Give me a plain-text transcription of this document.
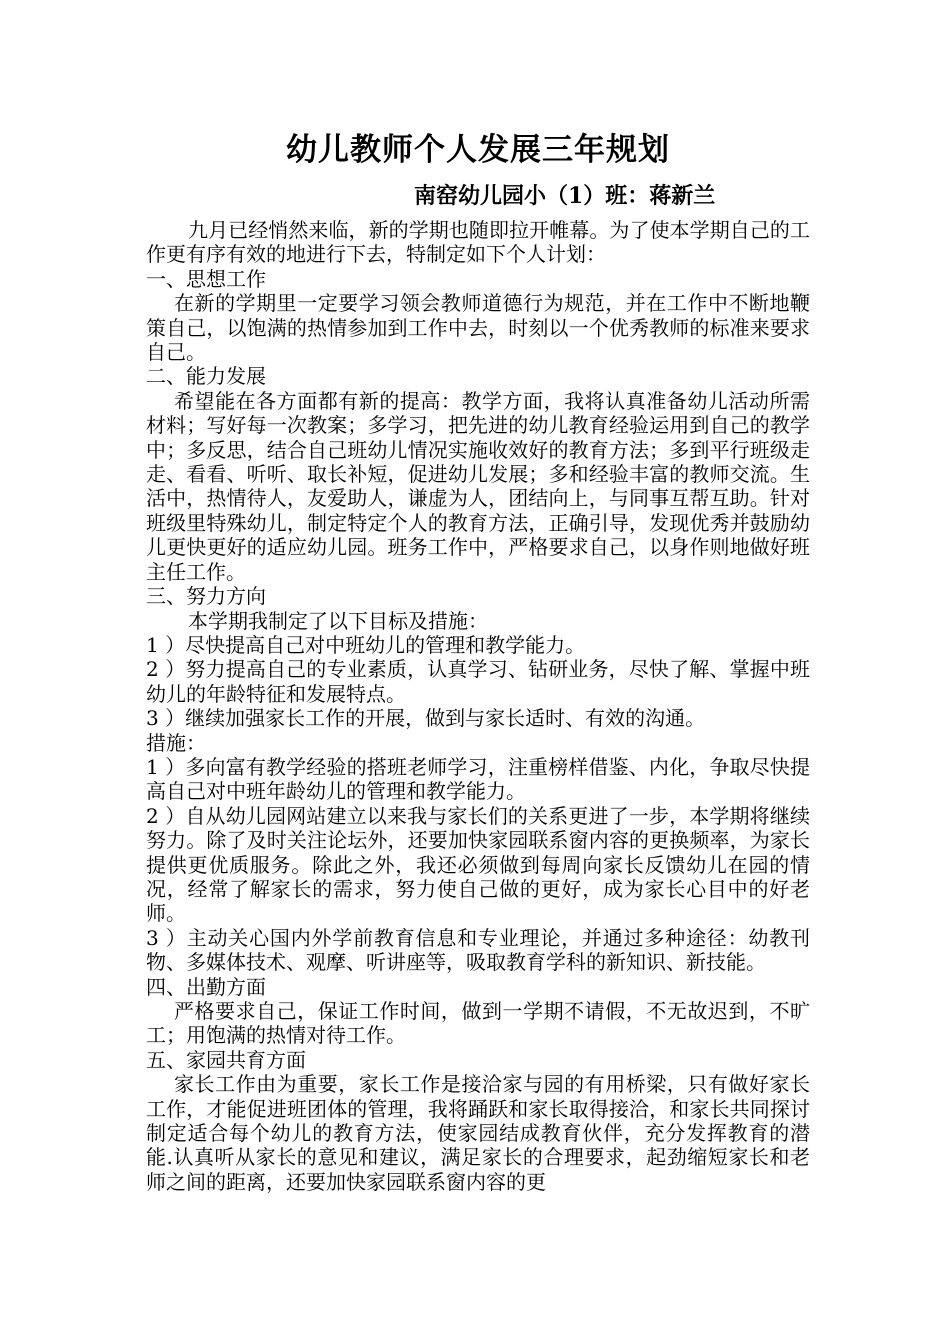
幼儿教师个人发展三年规划
南窑幼儿园小（1）班：蒋新兰

九月已经悄然来临，新的学期也随即拉开帷幕。为了使本学期自己的工作更有序有效的地进行下去，特制定如下个人计划：

一、思想工作

在新的学期里一定要学习领会教师道德行为规范，并在工作中不断地鞭策自己，以饱满的热情参加到工作中去，时刻以一个优秀教师的标准来要求自己。

二、能力发展

希望能在各方面都有新的提高：教学方面，我将认真准备幼儿活动所需材料；写好每一次教案；多学习，把先进的幼儿教育经验运用到自己的教学中；多反思，结合自己班幼儿情况实施收效好的教育方法；多到平行班级走走、看看、听听、取长补短，促进幼儿发展；多和经验丰富的教师交流。生活中，热情待人，友爱助人，谦虚为人，团结向上，与同事互帮互助。针对班级里特殊幼儿，制定特定个人的教育方法，正确引导，发现优秀并鼓励幼儿更快更好的适应幼儿园。班务工作中，严格要求自己，以身作则地做好班主任工作。

三、努力方向

本学期我制定了以下目标及措施：

1 ）尽快提高自己对中班幼儿的管理和教学能力。

2 ）努力提高自己的专业素质，认真学习、钻研业务，尽快了解、掌握中班幼儿的年龄特征和发展特点。

3 ）继续加强家长工作的开展，做到与家长适时、有效的沟通。

措施：

1 ）多向富有教学经验的搭班老师学习，注重榜样借鉴、内化，争取尽快提高自己对中班年龄幼儿的管理和教学能力。

2 ）自从幼儿园网站建立以来我与家长们的关系更进了一步，本学期将继续努力。除了及时关注论坛外，还要加快家园联系窗内容的更换频率，为家长提供更优质服务。除此之外，我还必须做到每周向家长反馈幼儿在园的情况，经常了解家长的需求，努力使自己做的更好，成为家长心目中的好老师。

3 ）主动关心国内外学前教育信息和专业理论，并通过多种途径：幼教刊物、多媒体技术、观摩、听讲座等，吸取教育学科的新知识、新技能。

四、出勤方面

严格要求自己，保证工作时间，做到一学期不请假，不无故迟到，不旷工；用饱满的热情对待工作。

五、家园共育方面

家长工作由为重要，家长工作是接洽家与园的有用桥梁，只有做好家长工作，才能促进班团体的管理，我将踊跃和家长取得接洽，和家长共同探讨制定适合每个幼儿的教育方法，使家园结成教育伙伴，充分发挥教育的潜能.认真听从家长的意见和建议，满足家长的合理要求，起劲缩短家长和老师之间的距离，还要加快家园联系窗内容的更
